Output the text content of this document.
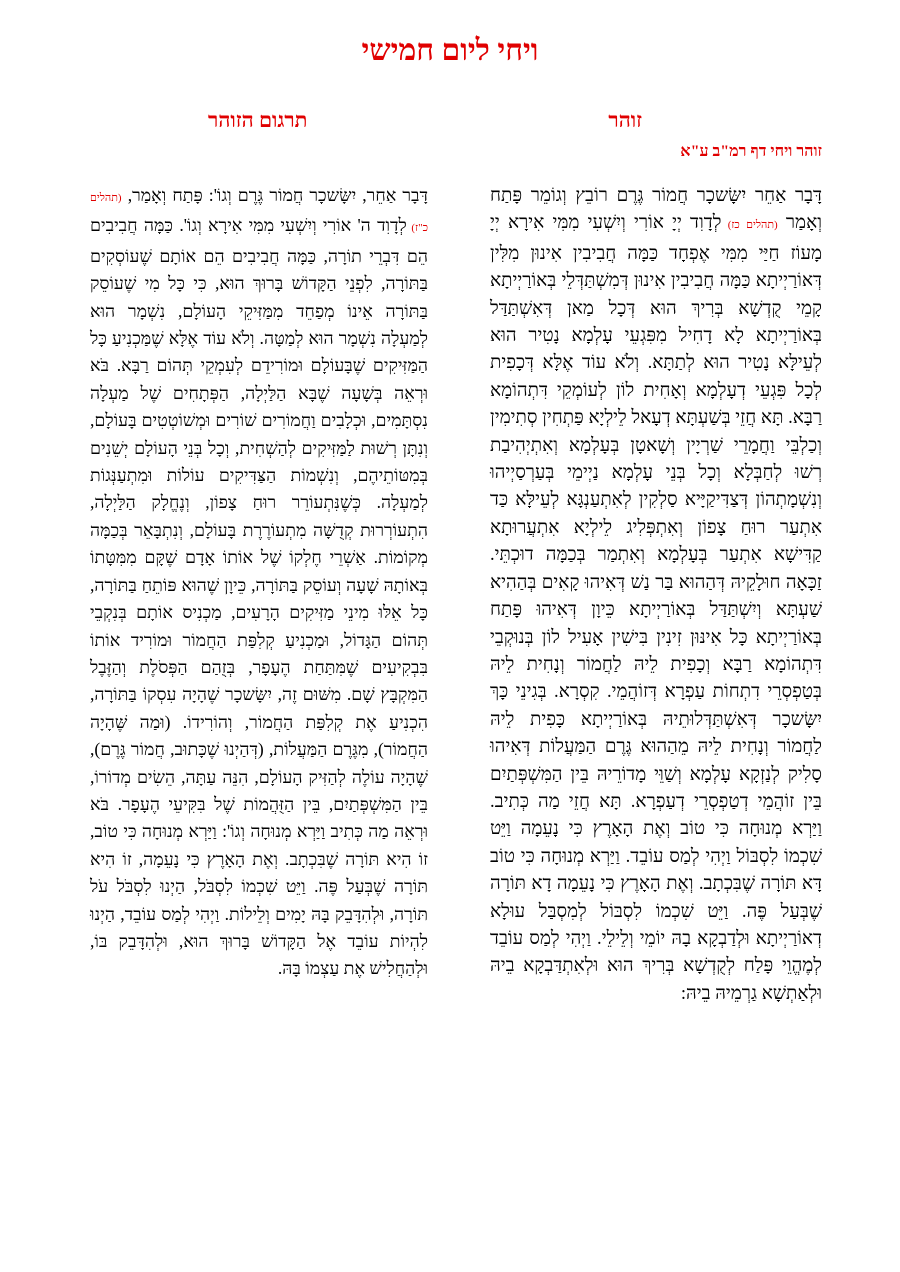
ויחי ליום חמישי
זוהר
תרגום הזוהר
זוהר ויחי דף רמ"ב ע"א
דָּבָר אַחֵר יִשָּׂשכָר חֲמוֹר גֶּרֶם רוֹבֵץ וְגוֹמֵר פָּתַח וְאָמַר (תהלים כז) לְדָוִד יְיָ אוֹרִי וְיִשְׁעִי מִמִּי אִירָא יְיָ מָעוֹז חַיַּי מִמִּי אֶפְחָד כַּמָּה חֲבִיבִין אִינוּן מִלִּין דְּאוֹרַיְיתָא כַּמָּה חֲבִיבִין אִינוּן דְּמִשְׁתַּדְּלֵי בְּאוֹרַיְיתָא קָמֵי קֻדְשָׁא בְּרִיךְ הוּא דְּכָל מַאן דְּאִשְׁתַּדַּל בְּאוֹרַיְיתָא לָא דָחִיל מִפִּגְעֵי עָלְמָא נָטִיר הוּא לְעֵילָּא נָטִיר הוּא לְתַתָּא. וְלֹא עוֹד אֶלָּא דְּכָפִית לְכָל פִּגְעֵי דְעָלְמָא וְאָחִית לוֹן לְעוֹמְקֵי דִּתְהוֹמָא רַבָּא. תָּא חֲזֵי בְּשַׁעְתָּא דְעָאל לֵילְיָא פַּתְחִין סְתִימִין וְכַלְבֵּי וַחֲמָרֵי שַׁרְיָין וְשָׁאטָן בְּעָלְמָא וְאִתְיְהִיבַת רְשׁוּ לְחַבְּלָא וְכָל בְּנֵי עָלְמָא נַיְימֵי בְּעַרְסַיְיהוּ וְנִשְׁמָתְהוֹן דְּצַדִּיקַיָּיא סַלְקִין לְאִתְעַנְגָּא לְעֵילָּא כַּד אִתְעַר רוּחַ צָפוֹן וְאִתְפְּלִיג לֵילְיָא אִתְעֲרוּתָא קַדִּישָׁא אִתְעַר בְּעָלְמָא וְאִתְמַר בְּכַמָּה דוּכְתֵּי. זַכָּאָה חוּלָקֵיהּ דְּהַהוּא בַּר נַשׁ דְּאִיהוּ קָאִים בְּהַהִיא שַׁעְתָּא וְיִשְׁתַּדַּל בְּאוֹרַיְיתָא כֵּיוָן דְּאִיהוּ פָּתַח בְּאוֹרַיְיתָא כָּל אִינּוּן זִינִין בִּישִׁין אָעִיל לוֹן בְּנוּקְבֵי דִּתְהוֹמָא רַבָּא וְכָפִית לֵיהּ לַחֲמוֹר וְנָחִית לֵיהּ בְּטַפְסְרֵי דִתְחוֹת עַפְרָא דְּזוֹהֲמֵי. קִסְרָא. בְּגִינֵי כָּךְ יִשָּׂשכָר דְּאִשְׁתַּדְּלוּתֵיהּ בְּאוֹרַיְיתָא כָּפִית לֵיהּ לַחֲמוֹר וְנָחִית לֵיהּ מֵהַהוּא גֶּרֶם הַמַּעֲלוֹת דְּאִיהוּ סָלִיק לְנַזְקָא עָלְמָא וְשַׁוֵּי מָדוֹרֵיהּ בֵּין הַמִּשְׁפְּתַיִם בֵּין זוֹהֲמֵי דְטַפְסְרֵי דְעַפְרָא. תָּא חֲזֵי מַה כְּתִיב. וַיַּרְא מְנוּחָה כִּי טוֹב וְאֶת הָאָרֶץ כִּי נָעֵמָה וַיֵּט שִׁכְמוֹ לִסְבּוֹל וַיְהִי לְמַס עוֹבֵד. וַיַּרְא מְנוּחָה כִּי טוֹב דָּא תּוֹרָה שֶׁבִּכְתָב. וְאֶת הָאָרֶץ כִּי נָעֵמָה דָא תּוֹרָה שֶׁבְּעַל פֶּה. וַיֵּט שִׁכְמוֹ לִסְבּוֹל לְמִסְבַּל עוּלָא דְאוֹרַיְיתָא וּלְדַבְקָא בָהּ יוֹמֵי וְלֵילֵי. וַיְהִי לְמַס עוֹבֵד לְמֶהֱוֵי פָּלַח לְקֻדְשָׁא בְּרִיךְ הוּא וּלְאִתְדַּבְקָא בֵיהּ וּלְאַתְשָׁא גַרְמֵיהּ בֵיהּ:
דָּבָר אַחֵר, יִשָּׂשכָר חֲמוֹר גֶּרֶם וְגוֹ': פָּתַח וְאָמַר, (תהלים כ"ז) לְדָוִד ה' אוֹרִי וְיִשְׁעִי מִמִּי אִירָא וְגוֹ'. כַּמָּה חֲבִיבִים הֵם דִּבְרֵי תוֹרָה, כַּמָּה חֲבִיבִים הֵם אוֹתָם שֶׁעוֹסְקִים בַּתּוֹרָה, לִפְנֵי הַקָּדוֹשׁ בָּרוּךְ הוּא, כִּי כָּל מִי שֶׁעוֹסֵק בַּתּוֹרָה אֵינוֹ מְפַחֵד מִמַּזִּיקֵי הָעוֹלָם, נִשְׁמָר הוּא לְמַעְלָה נִשְׁמָר הוּא לְמַטָּה. וְלֹא עוֹד אֶלָּא שֶׁמַּכְנִיעַ כָּל הַמַּזִּיקִים שֶׁבָּעוֹלָם וּמוֹרִידֵם לְעִמְקֵי תְּהוֹם רַבָּא. בֹּא וּרְאֵה בְּשָׁעָה שֶׁבָּא הַלַּיְלָה, הַפְּתָחִים שֶׁל מַעְלָה נִסְתָּמִים, וּכְלָבִים וַחֲמוֹרִים שׁוֹרִים וּמְשׁוֹטְטִים בָּעוֹלָם, וְנִתָּן רְשׁוּת לַמַּזִּיקִים לְהַשְׁחִית, וְכָל בְּנֵי הָעוֹלָם יְשֵׁנִים בְּמִטּוֹתֵיהֶם, וְנִשְׁמוֹת הַצַּדִּיקִים עוֹלוֹת וּמִתְעַנְּגוֹת לְמַעְלָה. כְּשֶׁנִּתְעוֹרֵר רוּחַ צָפוֹן, וְנֶחֱלָק הַלַּיְלָה, הִתְעוֹרְרוּת קְדֻשָּׁה מִתְעוֹרֶרֶת בָּעוֹלָם, וְנִתְבָּאֵר בְּכַמָּה מְקוֹמוֹת. אַשְׁרֵי חֶלְקוֹ שֶׁל אוֹתוֹ אָדָם שֶׁקָּם מִמִּטָּתוֹ בְּאוֹתָהּ שָׁעָה וְעוֹסֵק בַּתּוֹרָה, כֵּיוָן שֶׁהוּא פּוֹתֵחַ בַּתּוֹרָה, כָּל אֵלּוּ מִינֵי מַזִּיקִים הָרָעִים, מַכְנִיס אוֹתָם בְּנִקְבֵי תְּהוֹם הַגָּדוֹל, וּמַכְנִיעַ קְלִפַּת הַחֲמוֹר וּמוֹרִיד אוֹתוֹ בִּבְקִיעִים שֶׁמִּתַּחַת הֶעָפָר, בְּזֻהַם הַפְּסֹלֶת וְהַזֶּבֶל הַמִּקְבָּץ שָׁם. מִשּׁוּם זֶה, יִשָּׂשכָר שֶׁהָיָה עִסְקוֹ בַּתּוֹרָה, הִכְנִיעַ אֶת קְלִפַּת הַחֲמוֹר, וְהוֹרִידוֹ. (וּמַה שֶּׁהָיָה הַחֲמוֹר), מִגֶּרֶם הַמַּעֲלוֹת, (דְּהַיְנוּ שֶׁכָּתוּב, חֲמוֹר גֶּרֶם), שֶׁהָיָה עוֹלֶה לְהַזִּיק הָעוֹלָם, הִנֵּה עַתָּה, הֵשִׂים מְדוֹרוֹ, בֵּין הַמִּשְׁפְּתַיִם, בֵּין הַזֻּהֲמוֹת שֶׁל בִּקִּיעֵי הֶעָפָר. בֹּא וּרְאֵה מַה כְּתִיב וַיַּרְא מְנוּחָה וְגוֹ': וַיַּרְא מְנוּחָה כִּי טוֹב, זוֹ הִיא תּוֹרָה שֶׁבִּכְתָב. וְאֶת הָאָרֶץ כִּי נָעֵמָה, זוֹ הִיא תּוֹרָה שֶׁבְּעַל פֶּה. וַיֵּט שִׁכְמוֹ לִסְבֹּל, הַיְנוּ לִסְבֹּל עֹל תּוֹרָה, וּלְהִדָּבֵק בָּהּ יָמִים וְלֵילוֹת. וַיְהִי לְמַס עוֹבֵד, הַיְנוּ לִהְיוֹת עוֹבֵד אֶל הַקָּדוֹשׁ בָּרוּךְ הוּא, וּלְהִדָּבֵק בּוֹ, וּלְהַחֲלִישׁ אֶת עַצְמוֹ בָּהּ.
